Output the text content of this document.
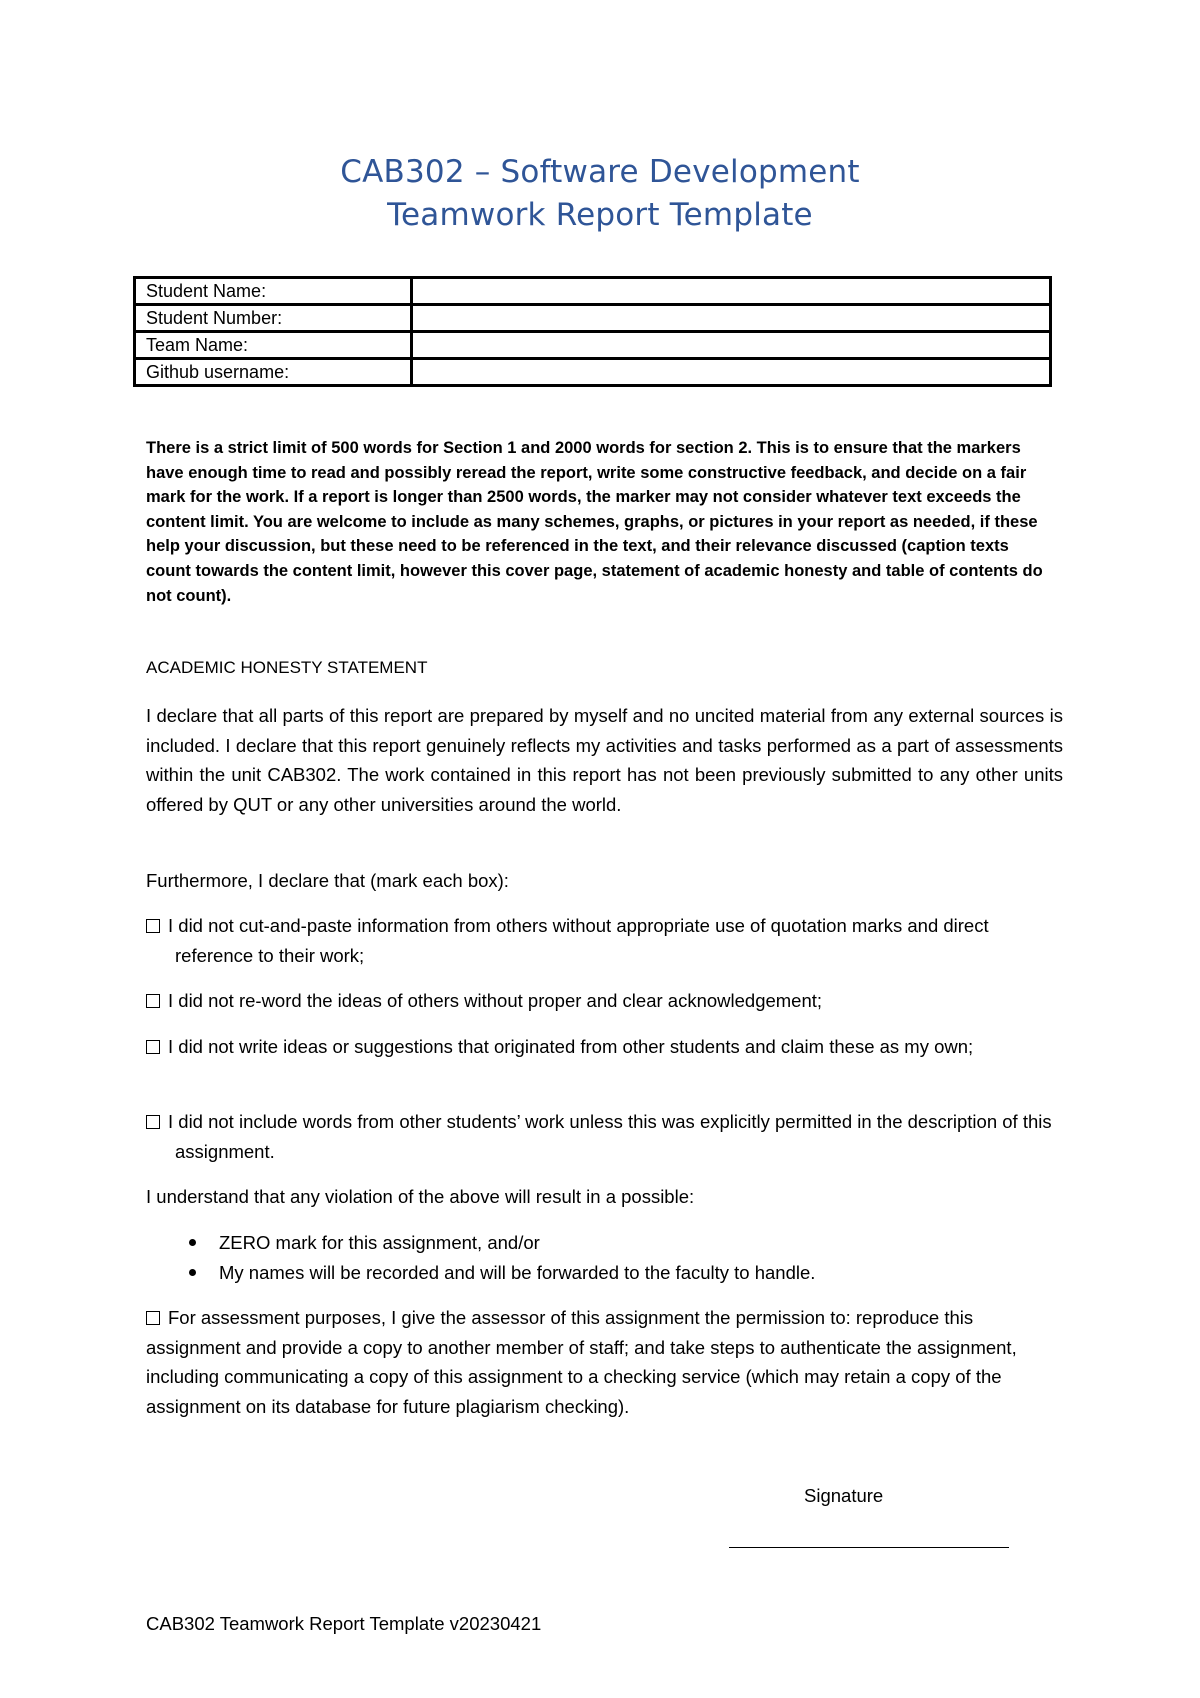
CAB302 – Software Development
Teamwork Report Template
Student Name:	
Student Number:	
Team Name:	
Github username:	
There is a strict limit of 500 words for Section 1 and 2000 words for section 2. This is to ensure that the markers have enough time to read and possibly reread the report, write some constructive feedback, and decide on a fair mark for the work. If a report is longer than 2500 words, the marker may not consider whatever text exceeds the content limit. You are welcome to include as many schemes, graphs, or pictures in your report as needed, if these help your discussion, but these need to be referenced in the text, and their relevance discussed (caption texts count towards the content limit, however this cover page, statement of academic honesty and table of contents do not count).
ACADEMIC HONESTY STATEMENT
I declare that all parts of this report are prepared by myself and no uncited material from any external sources is included. I declare that this report genuinely reflects my activities and tasks performed as a part of assessments within the unit CAB302. The work contained in this report has not been previously submitted to any other units offered by QUT or any other universities around the world.
Furthermore, I declare that (mark each box):
I did not cut-and-paste information from others without appropriate use of quotation marks and direct reference to their work;
I did not re-word the ideas of others without proper and clear acknowledgement;
I did not write ideas or suggestions that originated from other students and claim these as my own;
I did not include words from other students’ work unless this was explicitly permitted in the description of this assignment.
I understand that any violation of the above will result in a possible:
ZERO mark for this assignment, and/or
My names will be recorded and will be forwarded to the faculty to handle.
For assessment purposes, I give the assessor of this assignment the permission to: reproduce this assignment and provide a copy to another member of staff; and take steps to authenticate the assignment, including communicating a copy of this assignment to a checking service (which may retain a copy of the assignment on its database for future plagiarism checking).
Signature
CAB302 Teamwork Report Template v20230421
